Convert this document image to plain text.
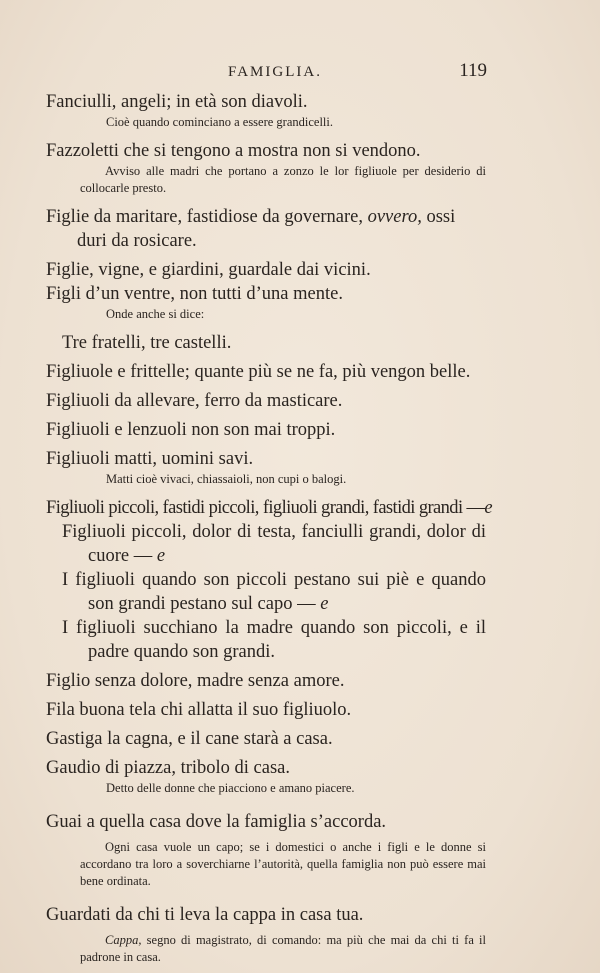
FAMIGLIA.	119

Fanciulli, angeli; in età son diavoli.

Cioè quando cominciano a essere grandicelli.

Fazzoletti che si tengono a mostra non si vendono.

Avviso alle madri che portano a zonzo le lor figliuole per desiderio di collocarle presto.

Figlie da maritare, fastidiose da governare, ovvero, ossi duri da rosicare.

Figlie, vigne, e giardini, guardale dai vicini.

Figli d’un ventre, non tutti d’una mente.

Onde anche si dice:

Tre fratelli, tre castelli.

Figliuole e frittelle; quante più se ne fa, più vengon belle.

Figliuoli da allevare, ferro da masticare.

Figliuoli e lenzuoli non son mai troppi.

Figliuoli matti, uomini savi.

Matti cioè vivaci, chiassaioli, non cupi o balogi.

Figliuoli piccoli, fastidi piccoli, figliuoli grandi, fastidi grandi —e

Figliuoli piccoli, dolor di testa, fanciulli grandi, dolor di cuore — e

I figliuoli quando son piccoli pestano sui piè e quando son grandi pestano sul capo — e

I figliuoli succhiano la madre quando son piccoli, e il padre quando son grandi.

Figlio senza dolore, madre senza amore.

Fila buona tela chi allatta il suo figliuolo.

Gastiga la cagna, e il cane starà a casa.

Gaudio di piazza, tribolo di casa.

Detto delle donne che piacciono e amano piacere.

Guai a quella casa dove la famiglia s’accorda.

Ogni casa vuole un capo; se i domestici o anche i figli e le donne si accordano tra loro a soverchiarne l’autorità, quella famiglia non può essere mai bene ordinata.

Guardati da chi ti leva la cappa in casa tua.

Cappa, segno di magistrato, di comando: ma più che mai da chi ti fa il padrone in casa.
